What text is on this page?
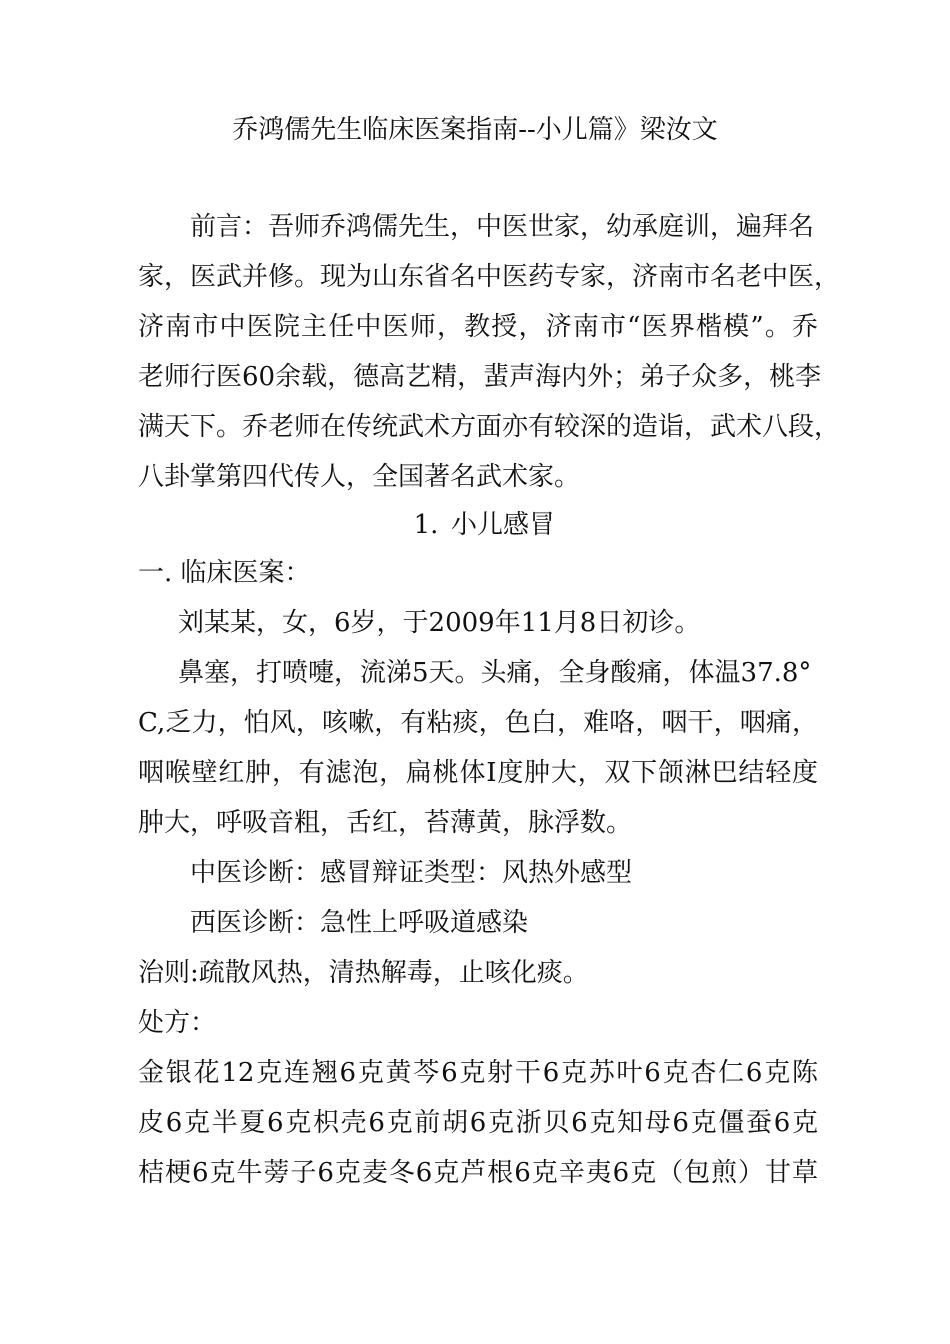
乔鸿儒先生临床医案指南--小儿篇》梁汝文
前言：吾师乔鸿儒先生，中医世家，幼承庭训，遍拜名
家，医武并修。现为山东省名中医药专家，济南市名老中医，
济南市中医院主任中医师，教授，济南市“医界楷模”。乔
老师行医60余载，德高艺精，蜚声海内外；弟子众多，桃李
满天下。乔老师在传统武术方面亦有较深的造诣，武术八段，
八卦掌第四代传人，全国著名武术家。
1. 小儿感冒
一. 临床医案：
刘某某，女，6岁，于2009年11月8日初诊。
鼻塞，打喷嚏，流涕5天。头痛，全身酸痛，体温37.8°
C,乏力，怕风，咳嗽，有粘痰，色白，难咯，咽干，咽痛，
咽喉壁红肿，有滤泡，扁桃体Ⅰ度肿大，双下颌淋巴结轻度
肿大，呼吸音粗，舌红，苔薄黄，脉浮数。
中医诊断：感冒辩证类型：风热外感型
西医诊断：急性上呼吸道感染
治则:疏散风热，清热解毒，止咳化痰。
处方：
金银花12克连翘6克黄芩6克射干6克苏叶6克杏仁6克陈
皮6克半夏6克枳壳6克前胡6克浙贝6克知母6克僵蚕6克
桔梗6克牛蒡子6克麦冬6克芦根6克辛夷6克（包煎）甘草
